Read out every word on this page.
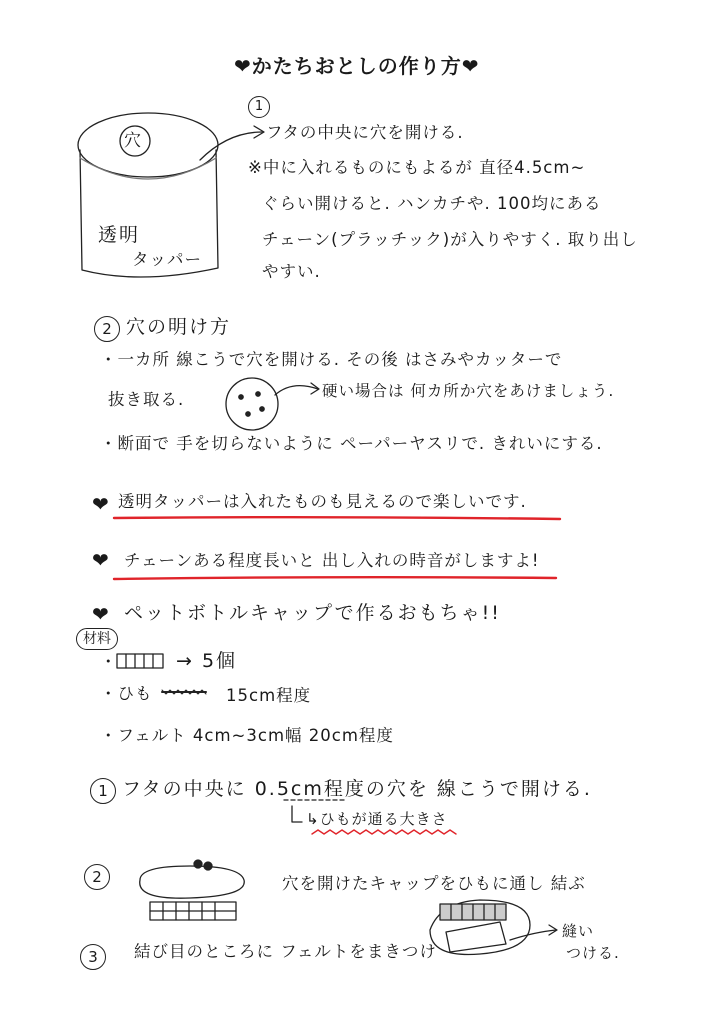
❤かたちおとしの作り方❤
1
穴
透明
タッパー
フタの中央に穴を開ける.
※中に入れるものにもよるが 直径4.5cm~
ぐらい開けると. ハンカチや. 100均にある
チェーン(プラッチック)が入りやすく. 取り出し
やすい.
2 穴の明け方
・一カ所 線こうで穴を開ける. その後 はさみやカッターで
抜き取る.	硬い場合は 何カ所か穴をあけましょう.
・断面で 手を切らないように ペーパーヤスリで. きれいにする.
❤ 透明タッパーは入れたものも見えるので楽しいです.
❤ チェーンある程度長いと 出し入れの時音がしますよ!
❤ ペットボトルキャップで作るおもちゃ!!
材料
・	→ 5個
・ひも	15cm程度
・フェルト 4cm~3cm幅 20cm程度
1 フタの中央に 0.5cm程度の穴を 線こうで開ける.
↳ひもが通る大きさ
2	穴を開けたキャップをひもに通し 結ぶ
3	結び目のところに フェルトをまきつけ
縫い
つける.
